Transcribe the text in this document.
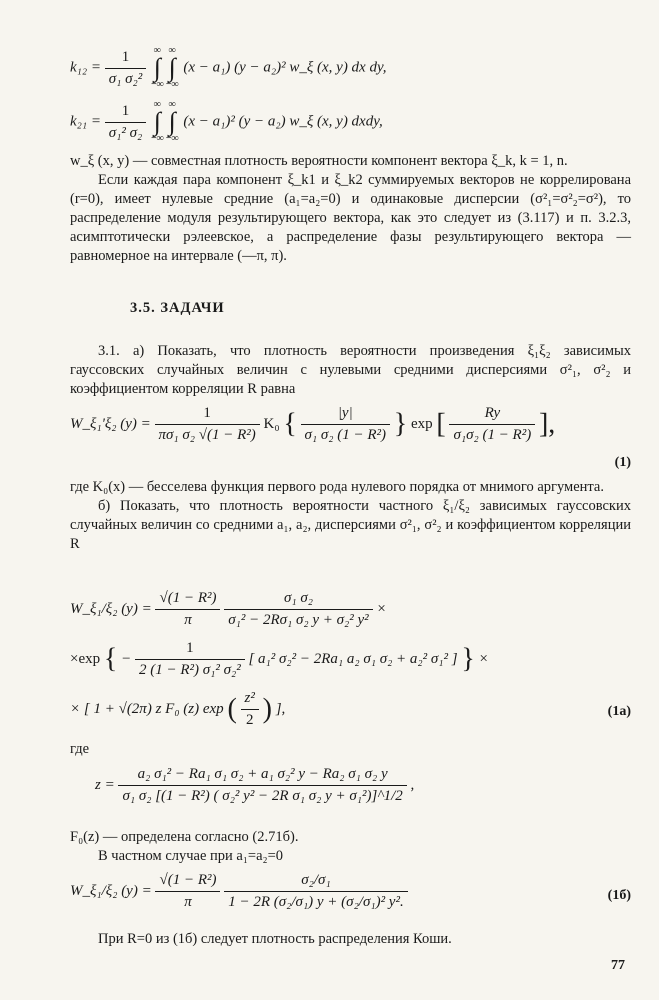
$k_{12} = \frac{1}{\text{σ₁ σ₂²}}$
∞
∫
−∞
∞
∫
−∞
(x − a₁) (y − a₂)² w_ξ (x, y) dx dy,
$k_{21} = \frac{1}{\text{σ₁² σ₂}}$
∞
∫
−∞
∞
∫
−∞
(x − a₁)² (y − a₂) w_ξ (x, y) dxdy,

w_ξ (x, y) — совместная плотность вероятности компонент вектора ξ_k, k = 1, n.

Если каждая пара компонент ξ_k1 и ξ_k2 суммируемых векторов не коррелирована (r=0), имеет нулевые средние (a₁=a₂=0) и одинаковые дисперсии (σ²₁=σ²₂=σ²), то распределение модуля результирующего вектора, как это следует из (3.117) и п. 3.2.3, асимптотически рэлеевское, а распределение фазы результирующего вектора — равномерное на интервале (—π, π).

3.5. ЗАДАЧИ

3.1. а) Показать, что плотность вероятности произведения ξ₁ξ₂ зависимых гауссовских случайных величин с нулевыми средними дисперсиями σ²₁, σ²₂ и коэффициентом корреляции R равна

W_ξ₁'ξ₂ $(y) = \frac{1}{\text{πσ₁ σ₂ √(1 − R²)}} K_0$ { $\frac{|y|}{\text{σ₁ σ₂ (1 − R²)}}$ } exp [ $\frac{Ry}{\text{σ₁σ₂ (1 − R²)}}$ ],
(1)

где K₀(x) — бесселева функция первого рода нулевого порядка от мнимого аргумента.

б) Показать, что плотность вероятности частного ξ₁/ξ₂ зависимых гауссовских случайных величин со средними a₁, a₂, дисперсиями σ²₁, σ²₂ и коэффициентом корреляции R

W_ξ₁/ξ₂ $(y) = \frac{\text{√(1 − R²)}}{\pi}$
$\frac{\text{σ₁ σ₂}}{\text{σ₁² − 2Rσ₁ σ₂ y + σ₂² y²}}$ ×
×exp { − $\frac{1}{\text{2 (1 − R²) σ₁² σ₂²}}$ [ a₁² σ₂² − 2Ra₁ a₂ σ₁ σ₂ + a₂² σ₁² ] } ×
× [ 1 + √(2π) z F₀ (z) exp ( $\frac{\text{z²}}{2}$ ) ],	(1a)

где

$z = \frac{\text{a₂ σ₁² − Ra₁ σ₁ σ₂ + a₁ σ₂² y − Ra₂ σ₁ σ₂ y}}{\text{σ₁ σ₂ [(1 − R²) ( σ₂² y² − 2R σ₁ σ₂ y + σ₁²)]\textasciicircum{}1/2}}$ ,

F₀(z) — определена согласно (2.71б).

В частном случае при a₁=a₂=0

W_ξ₁/ξ₂ $(y) = \frac{\text{√(1 − R²)}}{\pi}$
$\frac{\text{σ₂/σ₁}}{\text{1 − 2R (σ₂/σ₁) y + (σ₂/σ₁)² y².}}$	(1б)

При R=0 из (1б) следует плотность распределения Коши.

77
